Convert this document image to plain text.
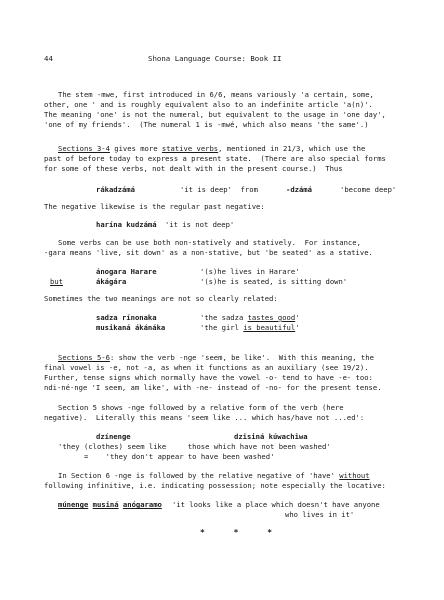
44	Shona Language Course: Book II
The stem -mwe, first introduced in 6/6, means variously 'a certain, some,
other, one ' and is roughly equivalent also to an indefinite article 'a(n)'.
The meaning 'one' is not the numeral, but equivalent to the usage in 'one day',
'one of my friends'.  (The numeral 1 is -mwé, which also means 'the same'.)
Sections 3-4 gives more stative verbs, mentioned in 21/3, which use the
past of before today to express a present state.  (There are also special forms
for some of these verbs, not dealt with in the present course.)  Thus
rákadzámá	'it is deep'  from	-dzámá	'become deep'
The negative likewise is the regular past negative:
harína kudzámá 'it is not deep'
Some verbs can be use both non-statively and statively.  For instance,
-gara means 'live, sit down' as a non-stative, but 'be seated' as a stative.
ánogara Harare	'(s)he lives in Harare'
but	ákágára	'(s)he is seated, is sitting down'
Sometimes the two meanings are not so clearly related:
sadza rínonaka	'the sadza tastes good'
musikaná ákánáka	'the girl is beautiful'
Sections 5-6: show the verb -nge 'seem, be like'.  With this meaning, the
final vowel is -e, not -a, as when it functions as an auxiliary (see 19/2).
Further, tense signs which normally have the vowel -o- tend to have -e- too:
ndi-né-nge 'I seem, am like', with -ne- instead of -no- for the present tense.
Section 5 shows -nge followed by a relative form of the verb (here
negative).  Literally this means 'seem like ... which has/have not ...ed':
dzínenge	dzisiná kúwachiwa
'they (clothes) seem like     those which have not been washed'
=    'they don't appear to have been washed'
In Section 6 -nge is followed by the relative negative of 'have' without
following infinitive, i.e. indicating possession; note especially the locative:
múnenge musiná anógaramo 'it looks like a place which doesn't have anyone
who lives in it'
* * *
